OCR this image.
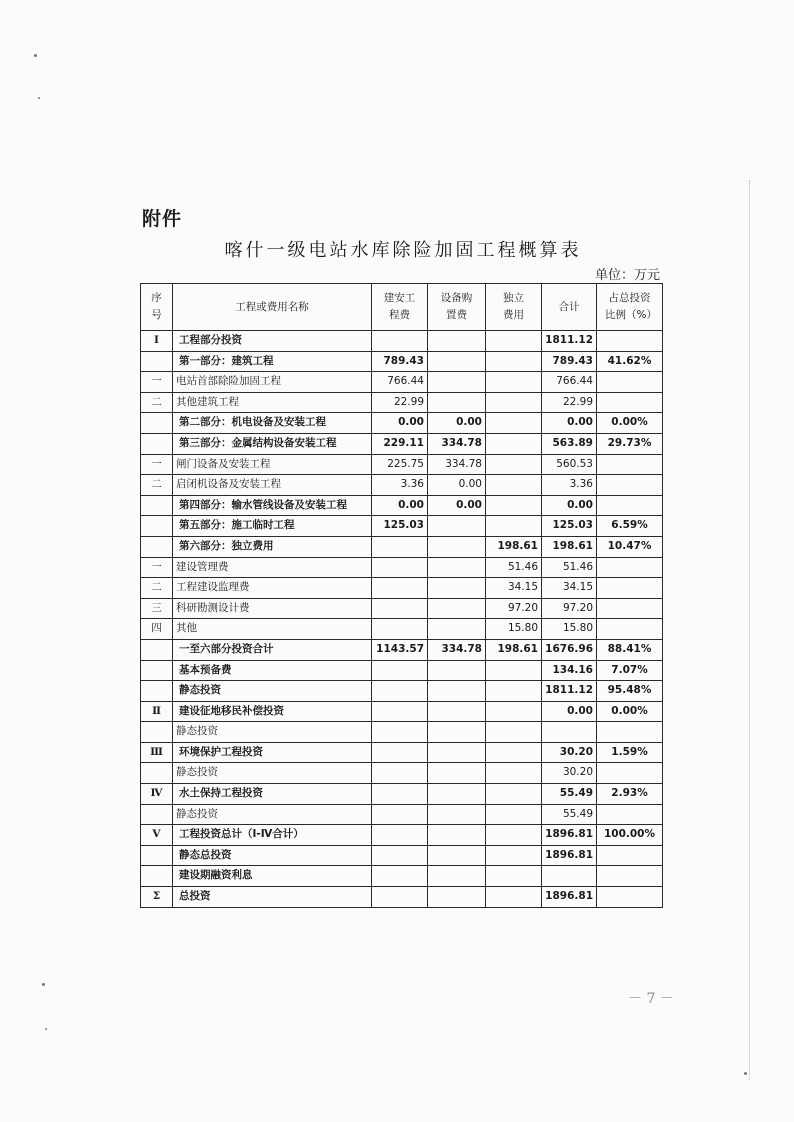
附件
喀什一级电站水库除险加固工程概算表
单位：万元
序号	工程或费用名称	建安工程费	设备购置费	独立费用	合计	占总投资比例（%）
Ⅰ	工程部分投资				1811.12	
	第一部分：建筑工程	789.43			789.43	41.62%
一	电站首部除险加固工程	766.44			766.44	
二	其他建筑工程	22.99			22.99	
	第二部分：机电设备及安装工程	0.00	0.00		0.00	0.00%
	第三部分：金属结构设备安装工程	229.11	334.78		563.89	29.73%
一	闸门设备及安装工程	225.75	334.78		560.53	
二	启闭机设备及安装工程	3.36	0.00		3.36	
	第四部分：输水管线设备及安装工程	0.00	0.00		0.00	
	第五部分：施工临时工程	125.03			125.03	6.59%
	第六部分：独立费用			198.61	198.61	10.47%
一	建设管理费			51.46	51.46	
二	工程建设监理费			34.15	34.15	
三	科研勘测设计费			97.20	97.20	
四	其他			15.80	15.80	
	一至六部分投资合计	1143.57	334.78	198.61	1676.96	88.41%
	基本预备费				134.16	7.07%
	静态投资				1811.12	95.48%
Ⅱ	建设征地移民补偿投资				0.00	0.00%
	静态投资					
Ⅲ	环境保护工程投资				30.20	1.59%
	静态投资				30.20	
Ⅳ	水土保持工程投资				55.49	2.93%
	静态投资				55.49	
Ⅴ	工程投资总计（Ⅰ-Ⅳ合计）				1896.81	100.00%
	静态总投资				1896.81	
	建设期融资利息					
Σ	总投资				1896.81	
－ 7 －
